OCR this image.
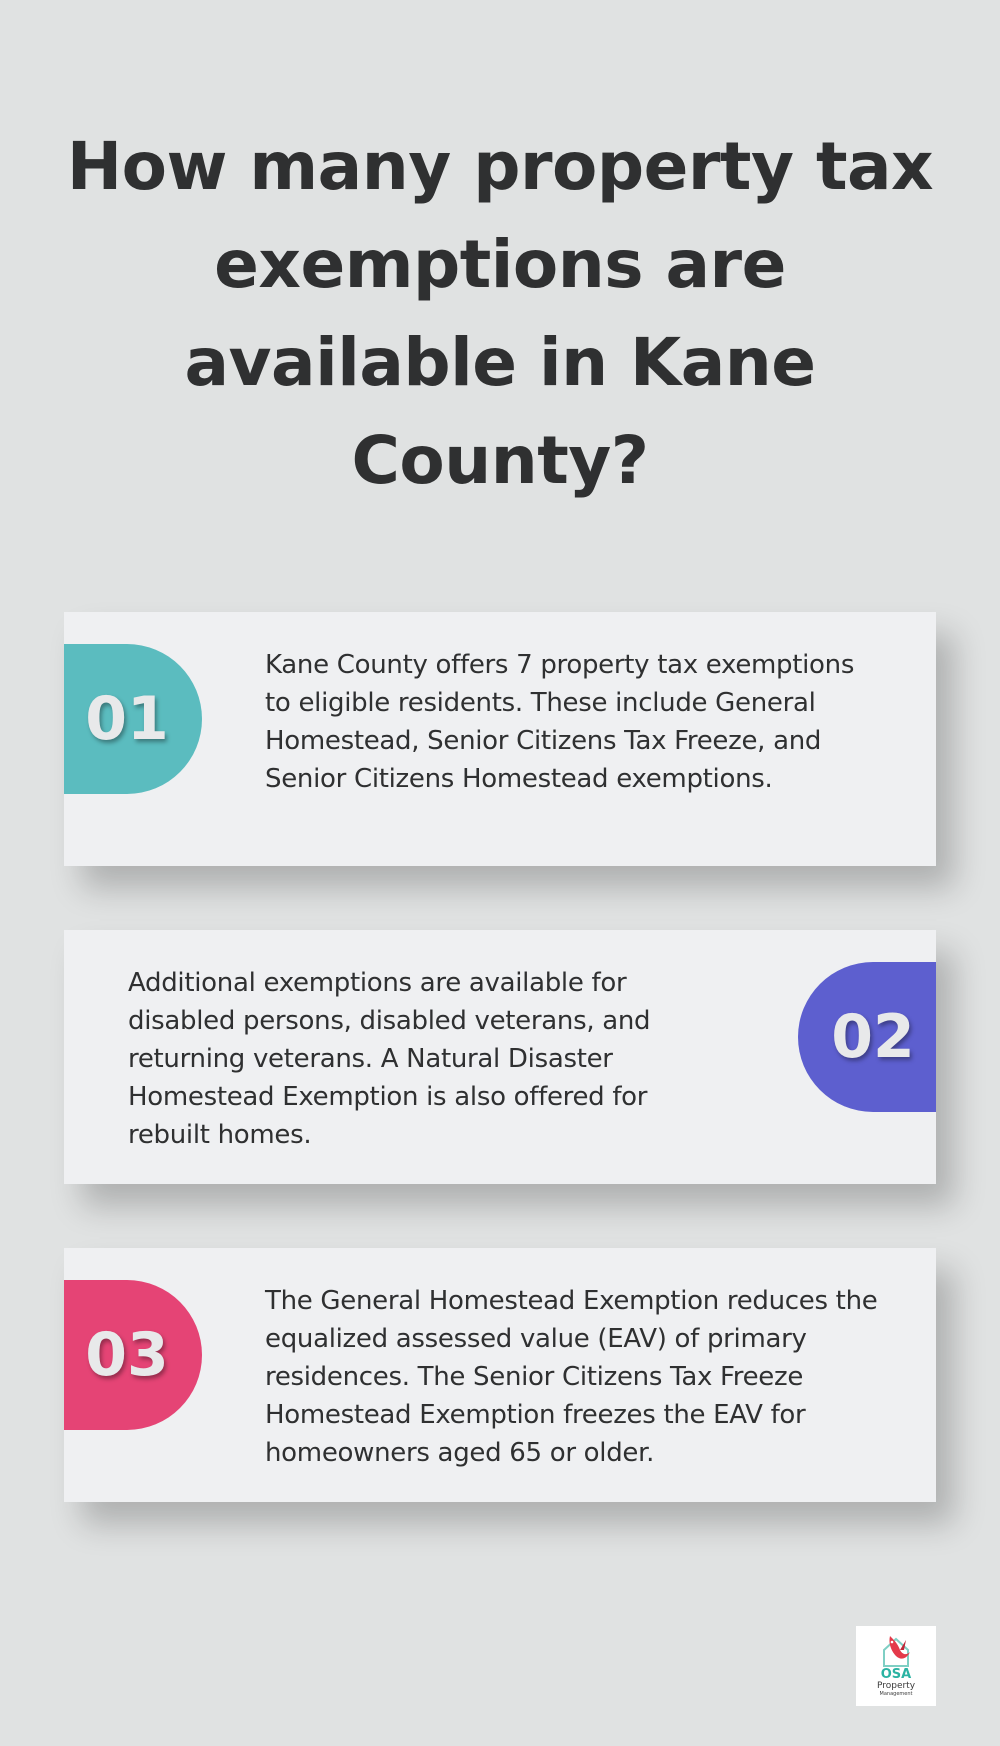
How many property tax exemptions are available in Kane County?
01

Kane County offers 7 property tax exemptions to eligible residents. These include General Homestead, Senior Citizens Tax Freeze, and Senior Citizens Homestead exemptions.

Additional exemptions are available for disabled persons, disabled veterans, and returning veterans. A Natural Disaster Homestead Exemption is also offered for rebuilt homes.

02
03

The General Homestead Exemption reduces the equalized assessed value (EAV) of primary residences. The Senior Citizens Tax Freeze Homestead Exemption freezes the EAV for homeowners aged 65 or older.

OSA
Property
Management
